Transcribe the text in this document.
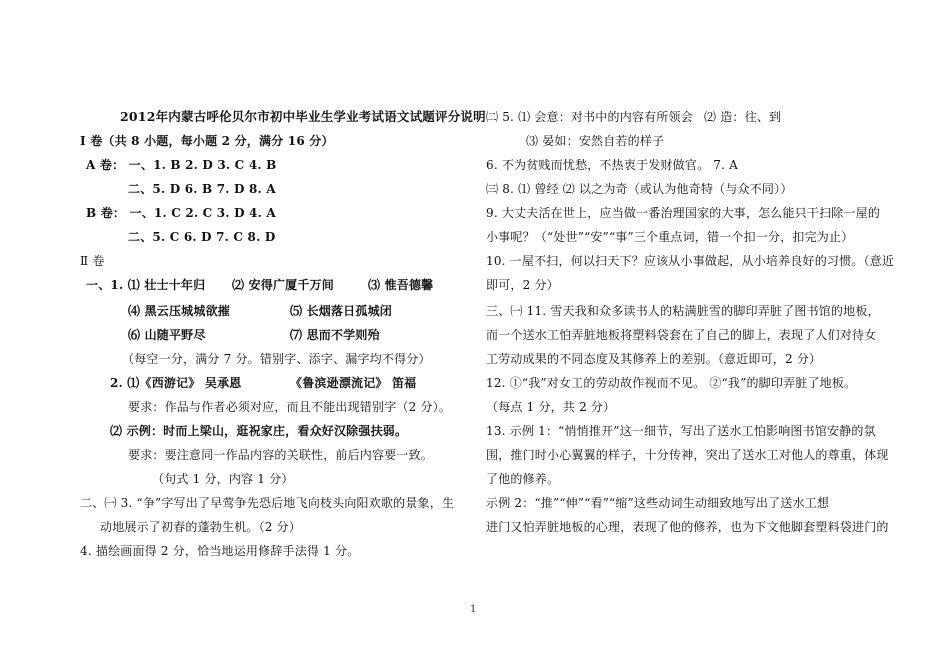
2012年内蒙古呼伦贝尔市初中毕业生学业考试语文试题评分说明
Ⅰ 卷（共 8 小题，每小题 2 分，满分 16 分）
A 卷： 一、1. B 2. D 3. C 4. B
二、5. D 6. B 7. D 8. A
B 卷： 一、1. C 2. C 3. D 4. A
二、5. C 6. D 7. C 8. D
Ⅱ 卷
一、1. ⑴ 壮士十年归 ⑵ 安得广厦千万间	⑶ 惟吾德馨
⑷ 黑云压城城欲摧	⑸ 长烟落日孤城闭
⑹ 山随平野尽	⑺ 思而不学则殆
（每空一分，满分 7 分。错别字、添字、漏字均不得分）
2. ⑴《西游记》 吴承恩	《鲁滨逊漂流记》 笛福
要求：作品与作者必须对应，而且不能出现错别字（2 分）。
⑵ 示例：时而上梁山，逛祝家庄，看众好汉除强扶弱。
要求：要注意同一作品内容的关联性，前后内容要一致。
（句式 1 分，内容 1 分）
二、㈠ 3. “争”字写出了早莺争先恐后地飞向枝头向阳欢歌的景象，生
动地展示了初春的蓬勃生机。（2 分）
4. 描绘画面得 2 分，恰当地运用修辞手法得 1 分。
㈡ 5. ⑴ 会意：对书中的内容有所领会 ⑵ 造：往、到
⑶ 晏如：安然自若的样子
6. 不为贫贱而忧愁，不热衷于发财做官。 7. A
㈢ 8. ⑴ 曾经 ⑵ 以之为奇（或认为他奇特（与众不同））
9. 大丈夫活在世上，应当做一番治理国家的大事，怎么能只干扫除一屋的
小事呢？（“处世”“安”“事”三个重点词，错一个扣一分，扣完为止）
10. 一屋不扫，何以扫天下？应该从小事做起，从小培养良好的习惯。（意近
即可，2 分）
三、㈠ 11. 雪天我和众多读书人的粘满脏雪的脚印弄脏了图书馆的地板，
而一个送水工怕弄脏地板将塑料袋套在了自己的脚上，表现了人们对待女
工劳动成果的不同态度及其修养上的差别。（意近即可，2 分）
12. ①“我”对女工的劳动故作视而不见。 ②“我”的脚印弄脏了地板。
（每点 1 分，共 2 分）
13. 示例 1：“悄悄推开”这一细节，写出了送水工怕影响图书馆安静的氛
围，推门时小心翼翼的样子，十分传神，突出了送水工对他人的尊重，体现
了他的修养。
示例 2：“推”“伸”“看”“缩”这些动词生动细致地写出了送水工想
进门又怕弄脏地板的心理，表现了他的修养，也为下文他脚套塑料袋进门的
1
